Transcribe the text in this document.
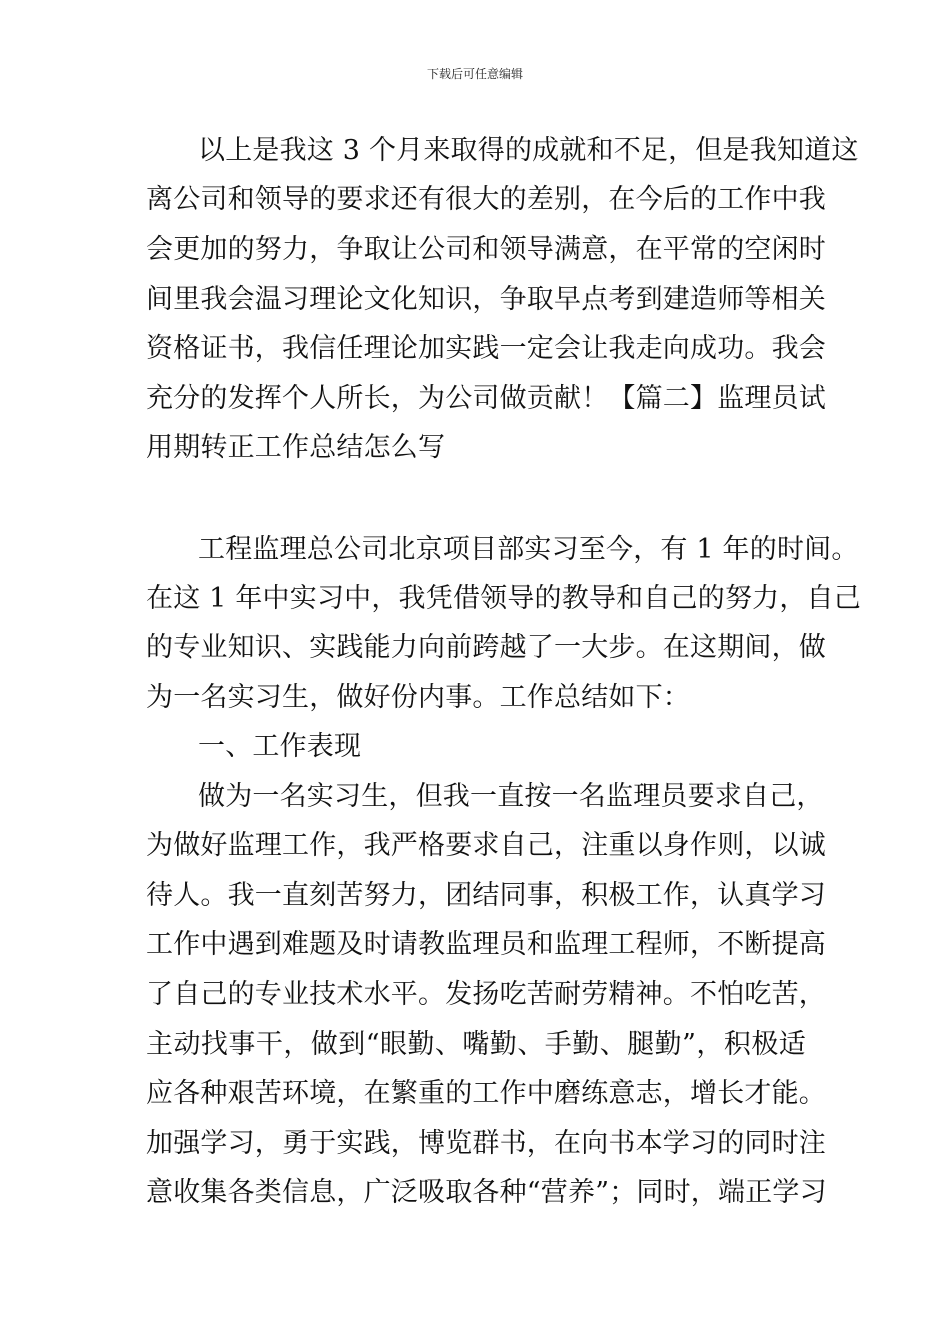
下载后可任意编辑
以上是我这 3 个月来取得的成就和不足，但是我知道这
离公司和领导的要求还有很大的差别，在今后的工作中我
会更加的努力，争取让公司和领导满意，在平常的空闲时
间里我会温习理论文化知识，争取早点考到建造师等相关
资格证书，我信任理论加实践一定会让我走向成功。我会
充分的发挥个人所长，为公司做贡献！【篇二】监理员试
用期转正工作总结怎么写
工程监理总公司北京项目部实习至今，有 1 年的时间。
在这 1 年中实习中，我凭借领导的教导和自己的努力，自己
的专业知识、实践能力向前跨越了一大步。在这期间，做
为一名实习生，做好份内事。工作总结如下：
一、工作表现
做为一名实习生，但我一直按一名监理员要求自己，
为做好监理工作，我严格要求自己，注重以身作则，以诚
待人。我一直刻苦努力，团结同事，积极工作，认真学习
工作中遇到难题及时请教监理员和监理工程师，不断提高
了自己的专业技术水平。发扬吃苦耐劳精神。不怕吃苦，
主动找事干，做到“眼勤、嘴勤、手勤、腿勤”，积极适
应各种艰苦环境，在繁重的工作中磨练意志，增长才能。
加强学习，勇于实践，博览群书，在向书本学习的同时注
意收集各类信息，广泛吸取各种“营养”；同时，端正学习
